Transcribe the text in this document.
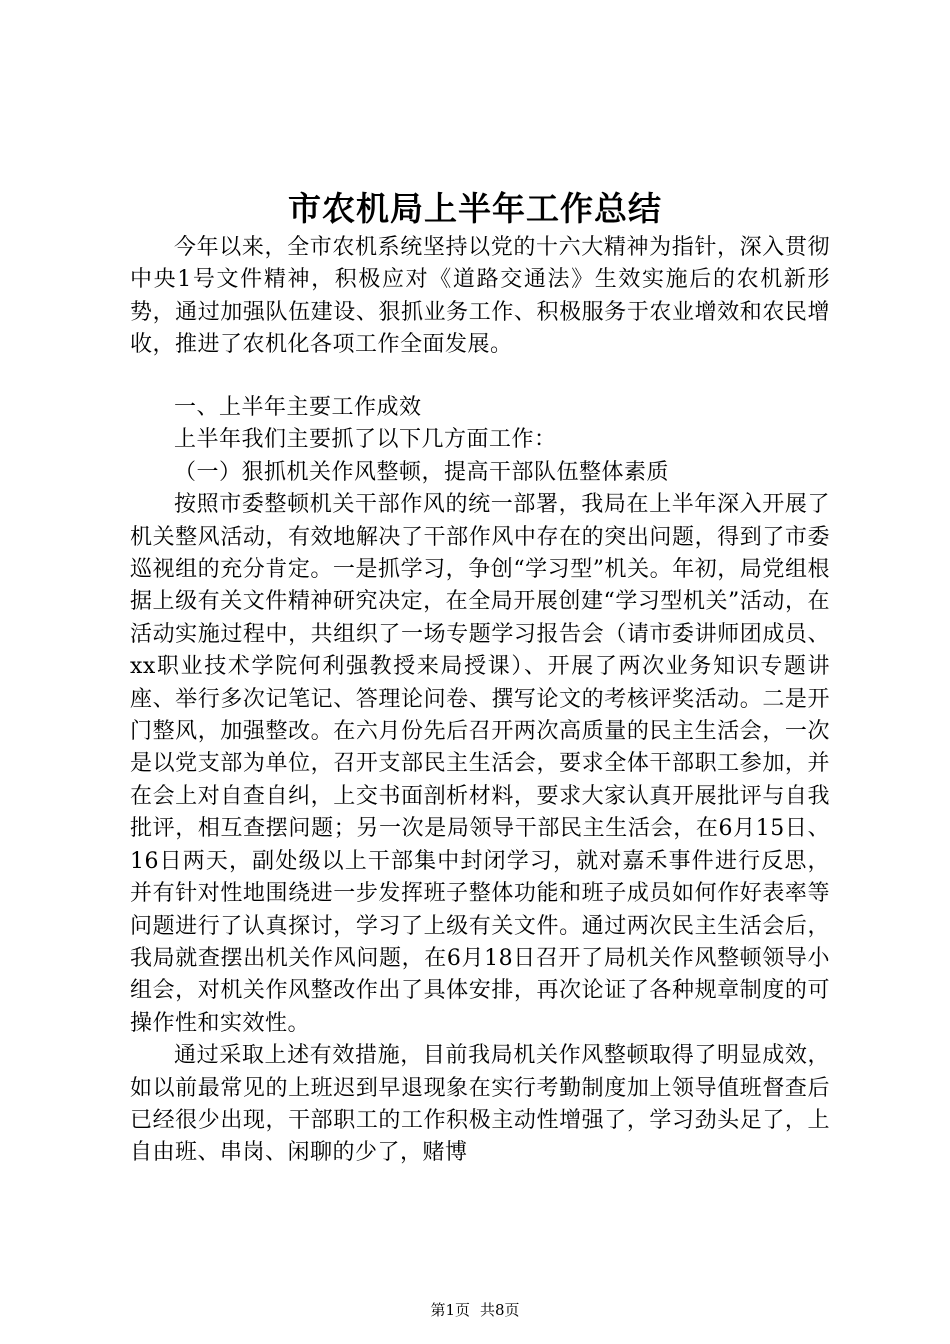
市农机局上半年工作总结

今年以来，全市农机系统坚持以党的十六大精神为指针，深入贯彻中央1号文件精神，积极应对《道路交通法》生效实施后的农机新形势，通过加强队伍建设、狠抓业务工作、积极服务于农业增效和农民增收，推进了农机化各项工作全面发展。

一、上半年主要工作成效

上半年我们主要抓了以下几方面工作：

（一）狠抓机关作风整顿，提高干部队伍整体素质

按照市委整顿机关干部作风的统一部署，我局在上半年深入开展了机关整风活动，有效地解决了干部作风中存在的突出问题，得到了市委巡视组的充分肯定。一是抓学习，争创“学习型”机关。年初，局党组根据上级有关文件精神研究决定，在全局开展创建“学习型机关”活动，在活动实施过程中，共组织了一场专题学习报告会（请市委讲师团成员、xx职业技术学院何利强教授来局授课）、开展了两次业务知识专题讲座、举行多次记笔记、答理论问卷、撰写论文的考核评奖活动。二是开门整风，加强整改。在六月份先后召开两次高质量的民主生活会，一次是以党支部为单位，召开支部民主生活会，要求全体干部职工参加，并在会上对自查自纠，上交书面剖析材料，要求大家认真开展批评与自我批评，相互查摆问题；另一次是局领导干部民主生活会，在6月15日、16日两天，副处级以上干部集中封闭学习，就对嘉禾事件进行反思，并有针对性地围绕进一步发挥班子整体功能和班子成员如何作好表率等问题进行了认真探讨，学习了上级有关文件。通过两次民主生活会后，我局就查摆出机关作风问题，在6月18日召开了局机关作风整顿领导小组会，对机关作风整改作出了具体安排，再次论证了各种规章制度的可操作性和实效性。

通过采取上述有效措施，目前我局机关作风整顿取得了明显成效，如以前最常见的上班迟到早退现象在实行考勤制度加上领导值班督查后已经很少出现，干部职工的工作积极主动性增强了，学习劲头足了，上自由班、串岗、闲聊的少了，赌博

第1页 共8页
